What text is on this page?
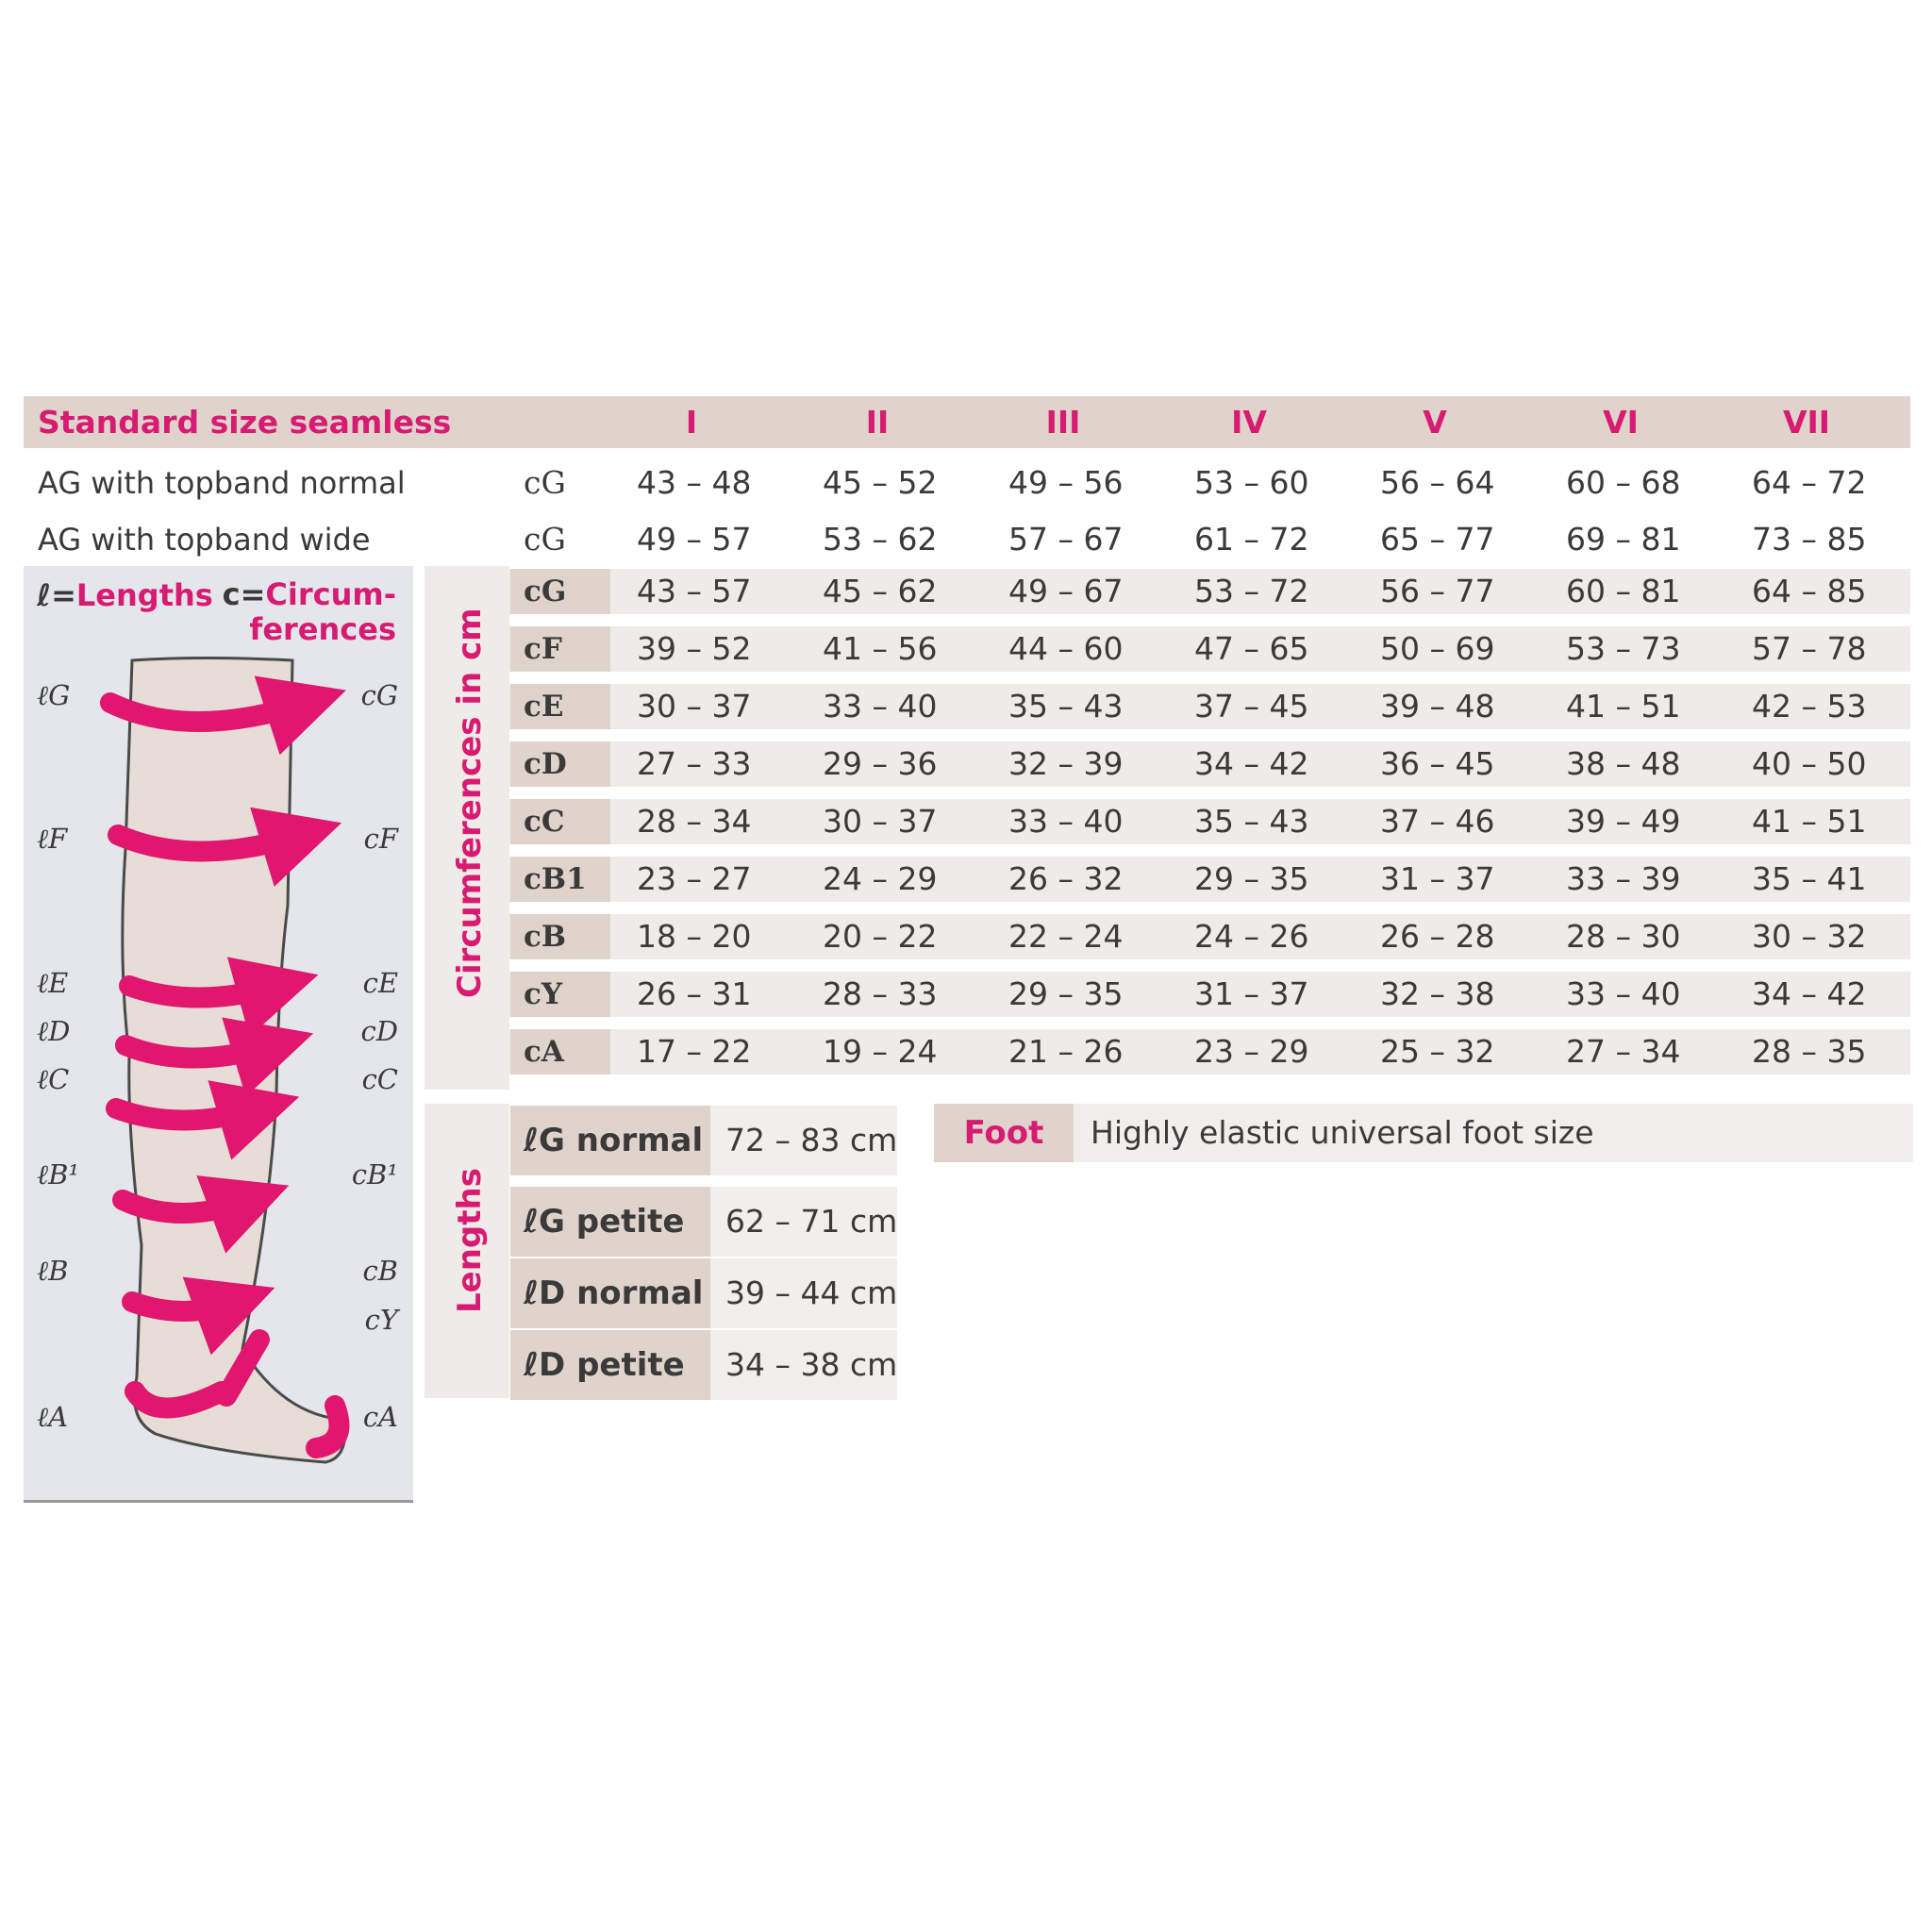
Standard size seamless	I	II	III	IV	V	VI	VII
AG with topband normal	cG 43 – 48 45 – 52 49 – 56 53 – 60 56 – 64 60 – 68 64 – 72
AG with topband wide	cG 49 – 57 53 – 62 57 – 67 61 – 72 65 – 77 69 – 81 73 – 85
ℓ=Lengths c=Circum-
ferences
ℓG
ℓF
ℓE
ℓD
ℓC
ℓB¹
ℓB
ℓA
cG
cF
cE
cD
cC
cB¹
cB
cY
cA
Circumferences in cm
cG	43 – 57 45 – 62 49 – 67 53 – 72 56 – 77 60 – 81 64 – 85
cF	39 – 52 41 – 56 44 – 60 47 – 65 50 – 69 53 – 73 57 – 78
cE	30 – 37 33 – 40 35 – 43 37 – 45 39 – 48 41 – 51 42 – 53
cD	27 – 33 29 – 36 32 – 39 34 – 42 36 – 45 38 – 48 40 – 50
cC	28 – 34 30 – 37 33 – 40 35 – 43 37 – 46 39 – 49 41 – 51
cB1	23 – 27 24 – 29 26 – 32 29 – 35 31 – 37 33 – 39 35 – 41
cB	18 – 20 20 – 22 22 – 24 24 – 26 26 – 28 28 – 30 30 – 32
cY	26 – 31 28 – 33 29 – 35 31 – 37 32 – 38 33 – 40 34 – 42
cA	17 – 22 19 – 24 21 – 26 23 – 29 25 – 32 27 – 34 28 – 35
Lengths
ℓG normal 72 – 83 cm
ℓG petite	62 – 71 cm
ℓD normal 39 – 44 cm
ℓD petite	34 – 38 cm
Foot	Highly elastic universal foot size
